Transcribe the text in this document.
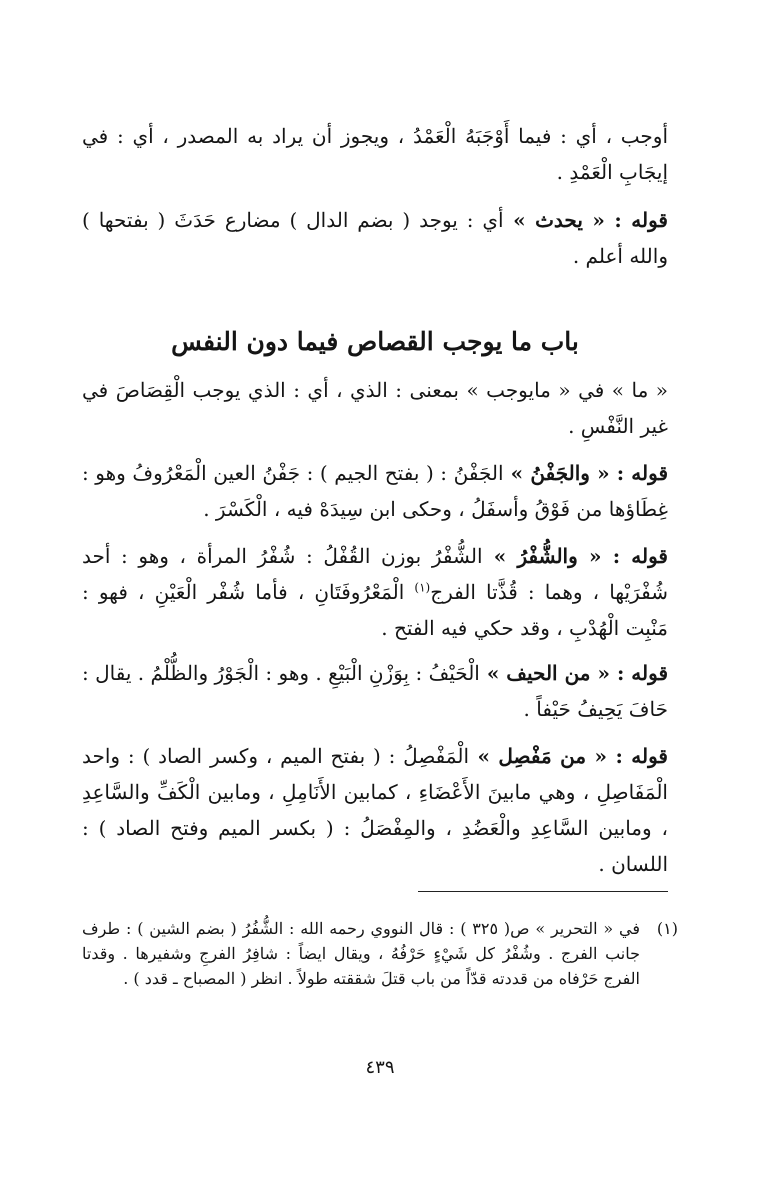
أوجب ، أي : فيما أَوْجَبَهُ الْعَمْدُ ، ويجوز أن يراد به المصدر ، أي : في إيجَابِ الْعَمْدِ .

قوله : « يحدث » أي : يوجد ( بضم الدال ) مضارع حَدَثَ ( بفتحها ) والله أعلم .

باب ما يوجب القصاص فيما دون النفس

« ما » في « مايوجب » بمعنى : الذي ، أي : الذي يوجب الْقِصَاصَ في غير النَّفْسِ .

قوله : « والجَفْنُ » الجَفْنُ : ( بفتح الجيم ) : جَفْنُ العين الْمَعْرُوفُ وهو : غِطَاؤها من فَوْقُ وأسفَلُ ، وحكى ابن سِيدَهْ فيه ، الْكَسْرَ .

قوله : « والشُّفْرُ » الشُّفْرُ بوزن القُفْلُ : شُفْرُ المرأة ، وهو : أحد شُفْرَيْها ، وهما : قُذَّتا الفرج$^{(١)}$ الْمَعْرُوفَتَانِ ، فأما شُفْر الْعَيْنِ ، فهو : مَنْبِت الْهُدْبِ ، وقد حكي فيه الفتح .

قوله : « من الحيف » الْحَيْفُ : بِوَزْنِ الْبَيْعِ . وهو : الْجَوْرُ والظُّلْمُ . يقال : حَافَ يَحِيفُ حَيْفاً .

قوله : « من مَفْصِل » الْمَفْصِلُ : ( بفتح الميم ، وكسر الصاد ) : واحد الْمَفَاصِلِ ، وهي مابينَ الأَعْضَاءِ ، كمابين الأَنَامِلِ ، ومابين الْكَفِّ والسَّاعِدِ ، ومابين السَّاعِدِ والْعَضُدِ ، والمِفْصَلُ : ( بكسر الميم وفتح الصاد ) : اللسان .

(١)
في « التحرير » ص( ٣٢٥ ) : قال النووي رحمه الله : الشُّفُرُ ( بضم الشين ) : طرف جانب الفرج . وشُفْرُ كل شَيْءٍ حَرْفُهُ ، ويقال ايضاً : شافِرُ الفرجِ وشفيرها . وقدتا الفرج حَرْفاه من قددته قدّاً من باب قتلَ شققته طولاً . انظر ( المصباح ـ قدد ) .
٤٣٩
